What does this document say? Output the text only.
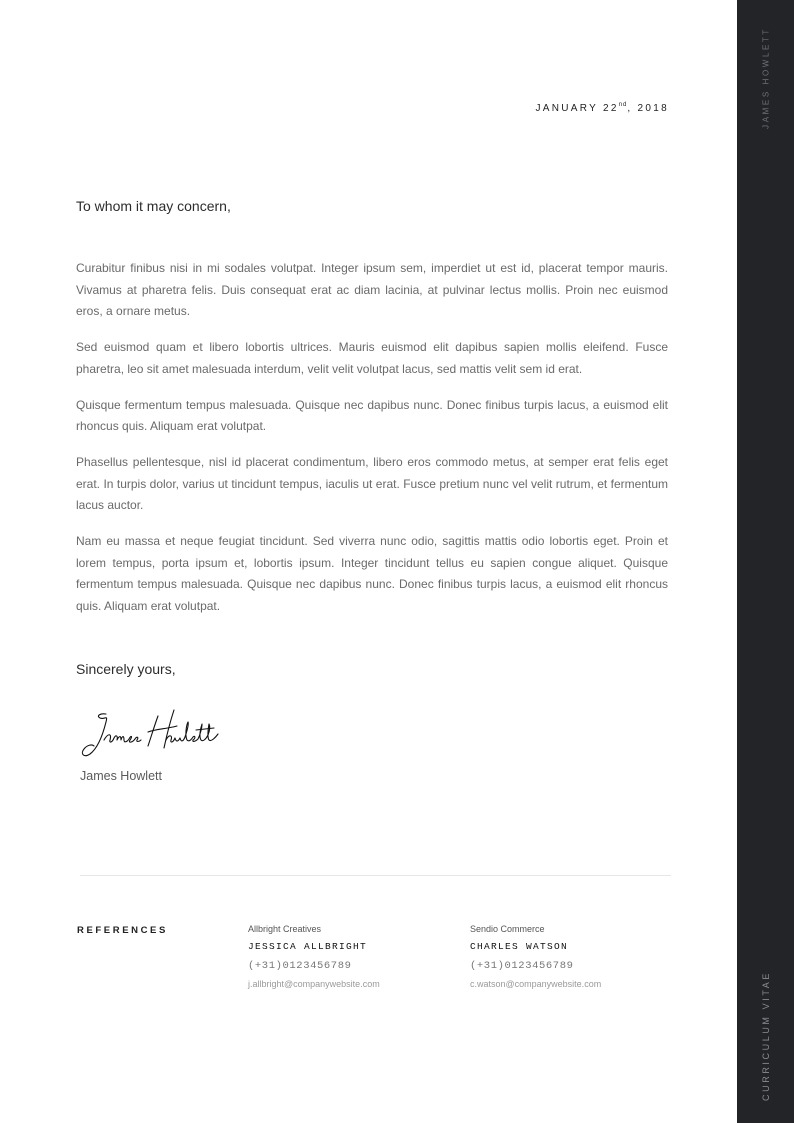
JAMES HOWLETT
CURRICULUM VITAE
JANUARY 22nd, 2018
To whom it may concern,

Curabitur finibus nisi in mi sodales volutpat. Integer ipsum sem, imperdiet ut est id, placerat tempor mauris. Vivamus at pharetra felis. Duis consequat erat ac diam lacinia, at pulvinar lectus mollis. Proin nec euismod eros, a ornare metus.

Sed euismod quam et libero lobortis ultrices. Mauris euismod elit dapibus sapien mollis eleifend. Fusce pharetra, leo sit amet malesuada interdum, velit velit volutpat lacus, sed mattis velit sem id erat.

Quisque fermentum tempus malesuada. Quisque nec dapibus nunc. Donec finibus turpis lacus, a euismod elit rhoncus quis. Aliquam erat volutpat.

Phasellus pellentesque, nisl id placerat condimentum, libero eros commodo metus, at semper erat felis eget erat. In turpis dolor, varius ut tincidunt tempus, iaculis ut erat. Fusce pretium nunc vel velit rutrum, et fermentum lacus auctor.

Nam eu massa et neque feugiat tincidunt. Sed viverra nunc odio, sagittis mattis odio lobortis eget. Proin et lorem tempus, porta ipsum et, lobortis ipsum. Integer tincidunt tellus eu sapien congue aliquet. Quisque fermentum tempus malesuada. Quisque nec dapibus nunc. Donec finibus turpis lacus, a euismod elit rhoncus quis. Aliquam erat volutpat.

Sincerely yours,
James Howlett
REFERENCES	Allbright Creatives
JESSICA ALLBRIGHT
(+31)0123456789
j.allbright@companywebsite.com
Sendio Commerce
CHARLES WATSON
(+31)0123456789
c.watson@companywebsite.com
